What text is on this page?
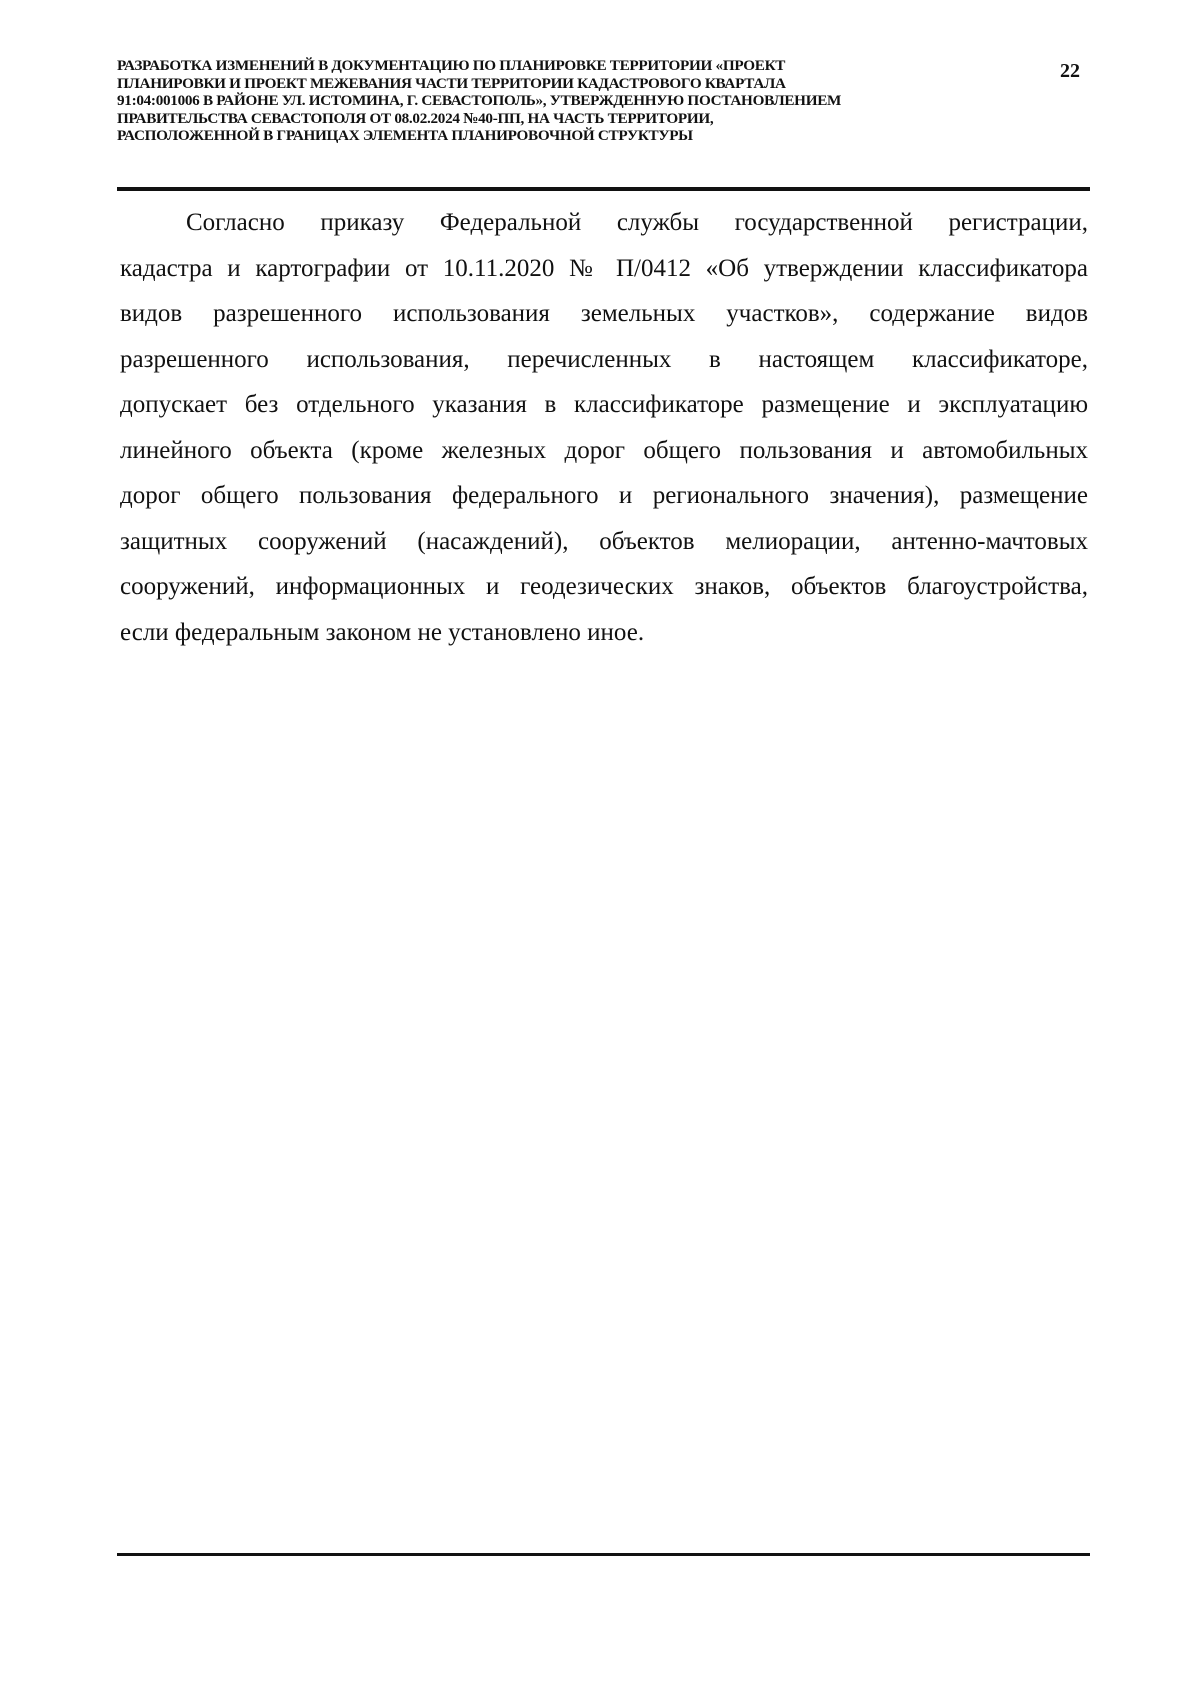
РАЗРАБОТКА ИЗМЕНЕНИЙ В ДОКУМЕНТАЦИЮ ПО ПЛАНИРОВКЕ ТЕРРИТОРИИ «ПРОЕКТ
ПЛАНИРОВКИ И ПРОЕКТ МЕЖЕВАНИЯ ЧАСТИ ТЕРРИТОРИИ КАДАСТРОВОГО КВАРТАЛА
91:04:001006 В РАЙОНЕ УЛ. ИСТОМИНА, Г. СЕВАСТОПОЛЬ», УТВЕРЖДЕННУЮ ПОСТАНОВЛЕНИЕМ
ПРАВИТЕЛЬСТВА СЕВАСТОПОЛЯ ОТ 08.02.2024 №40-ПП, НА ЧАСТЬ ТЕРРИТОРИИ,
РАСПОЛОЖЕННОЙ В ГРАНИЦАХ ЭЛЕМЕНТА ПЛАНИРОВОЧНОЙ СТРУКТУРЫ
22
Согласно приказу Федеральной службы государственной регистрации,
кадастра и картографии от 10.11.2020 № П/0412 «Об утверждении классификатора
видов разрешенного использования земельных участков», содержание видов
разрешенного использования, перечисленных в настоящем классификаторе,
допускает без отдельного указания в классификаторе размещение и эксплуатацию
линейного объекта (кроме железных дорог общего пользования и автомобильных
дорог общего пользования федерального и регионального значения), размещение
защитных сооружений (насаждений), объектов мелиорации, антенно-мачтовых
сооружений, информационных и геодезических знаков, объектов благоустройства,
если федеральным законом не установлено иное.
